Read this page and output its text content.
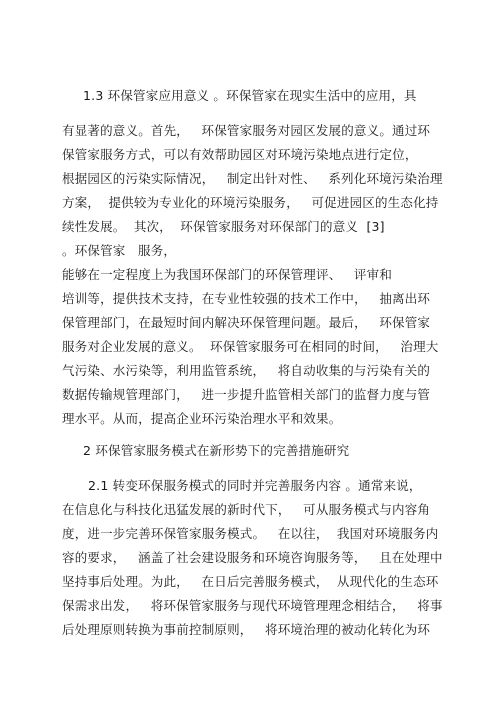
1.3 环保管家应用意义 。环保管家在现实生活中的应用，具
有显著的意义。首先，   环保管家服务对园区发展的意义。通过环
保管家服务方式，可以有效帮助园区对环境污染地点进行定位，
根据园区的污染实际情况，   制定出针对性、   系列化环境污染治理
方案，  提供较为专业化的环境污染服务，   可促进园区的生态化持
续性发展。  其次，  环保管家服务对环保部门的意义  [3]
。环保管家   服务，
能够在一定程度上为我国环保部门的环保管理评、   评审和
培训等，提供技术支持，在专业性较强的技术工作中，   抽离出环
保管理部门，在最短时间内解决环保管理问题。最后，   环保管家
服务对企业发展的意义。  环保管家服务可在相同的时间，   治理大
气污染、水污染等，利用监管系统，   将自动收集的与污染有关的
数据传输规管理部门，   进一步提升监管相关部门的监督力度与管
理水平。从而，提高企业环污染治理水平和效果。
2 环保管家服务模式在新形势下的完善措施研究
2.1 转变环保服务模式的同时并完善服务内容 。通常来说，
在信息化与科技化迅猛发展的新时代下，   可从服务模式与内容角
度，进一步完善环保管家服务模式。   在以往，  我国对环境服务内
容的要求，   涵盖了社会建设服务和环境咨询服务等，   且在处理中
坚持事后处理。为此，   在日后完善服务模式，  从现代化的生态环
保需求出发，   将环保管家服务与现代环境管理理念相结合，   将事
后处理原则转换为事前控制原则，   将环境治理的被动化转化为环
